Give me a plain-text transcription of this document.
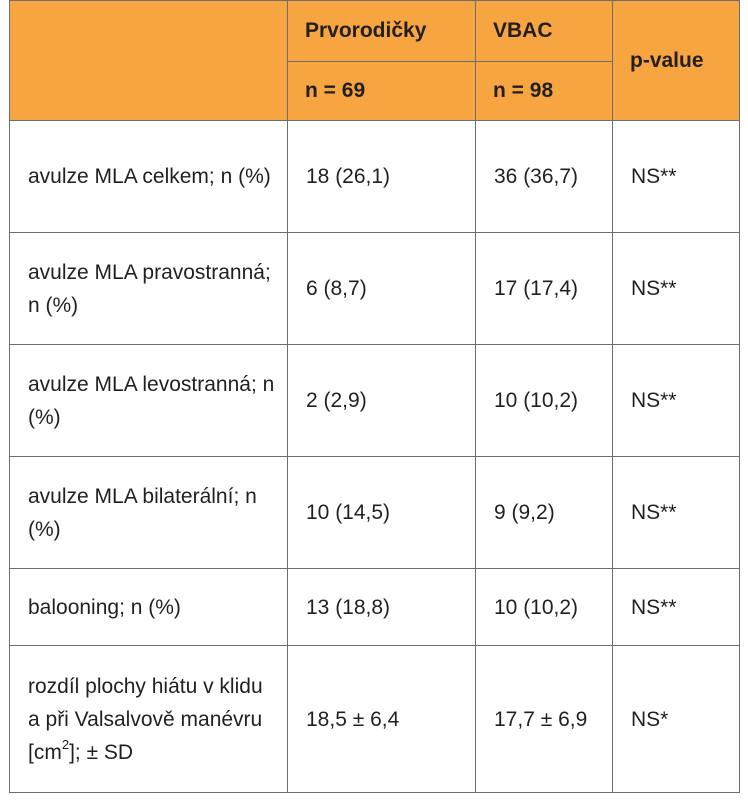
	Prvorodičky	VBAC	p-value
	n = 69	n = 98	
avulze MLA celkem; n (%)	18 (26,1)	36 (36,7)	NS**
avulze MLA pravostranná; n (%)	6 (8,7)	17 (17,4)	NS**
avulze MLA levostranná; n (%)	2 (2,9)	10 (10,2)	NS**
avulze MLA bilaterální; n (%)	10 (14,5)	9 (9,2)	NS**
balooning; n (%)	13 (18,8)	10 (10,2)	NS**
rozdíl plochy hiátu v klidu a při Valsalvově manévru $[cm^2]$; ± SD	18,5 ± 6,4	17,7 ± 6,9	NS*
